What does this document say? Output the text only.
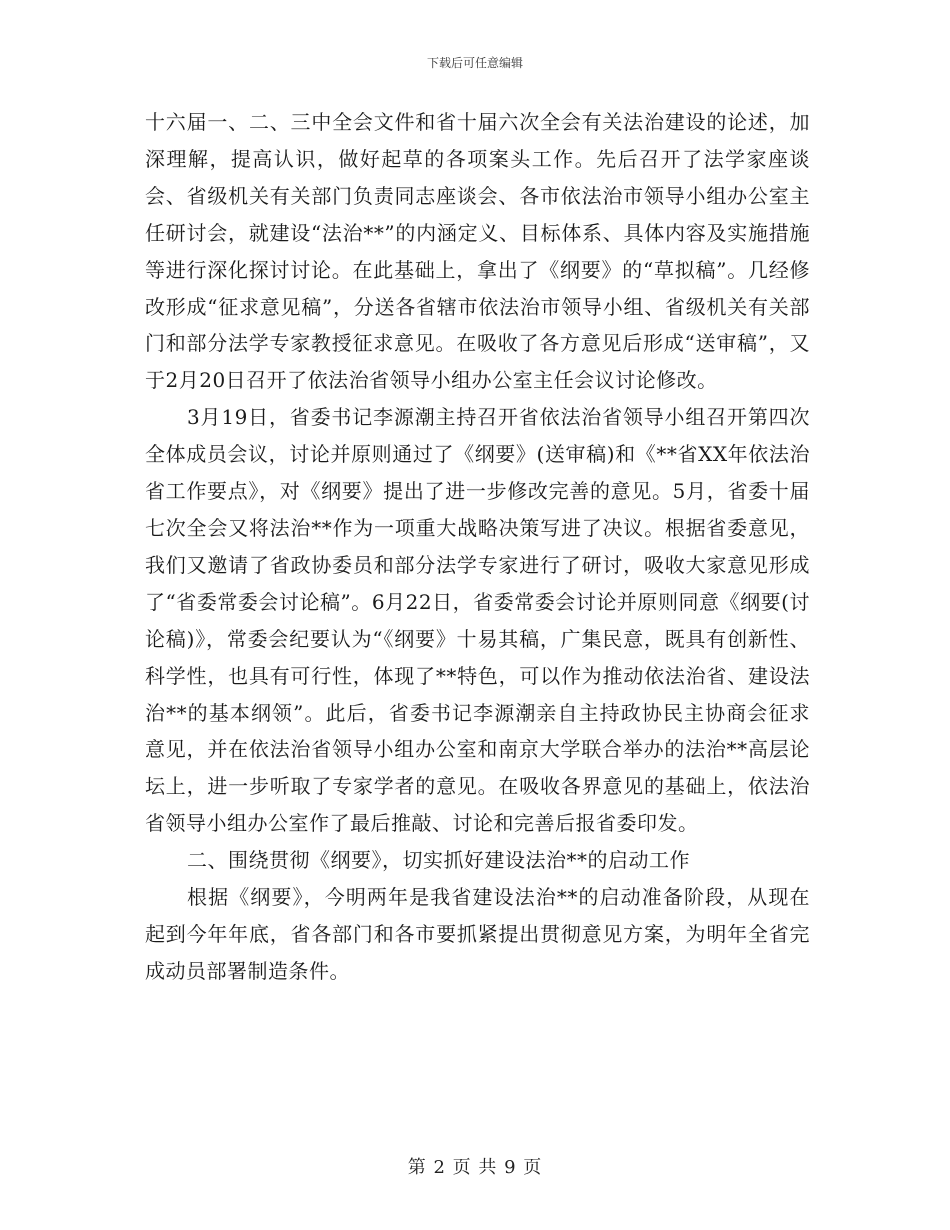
下载后可任意编辑

十六届一、二、三中全会文件和省十届六次全会有关法治建设的论述，加深理解，提高认识，做好起草的各项案头工作。先后召开了法学家座谈会、省级机关有关部门负责同志座谈会、各市依法治市领导小组办公室主任研讨会，就建设“法治**”的内涵定义、目标体系、具体内容及实施措施等进行深化探讨讨论。在此基础上，拿出了《纲要》的“草拟稿”。几经修改形成“征求意见稿”，分送各省辖市依法治市领导小组、省级机关有关部门和部分法学专家教授征求意见。在吸收了各方意见后形成“送审稿”，又于2月20日召开了依法治省领导小组办公室主任会议讨论修改。

3月19日，省委书记李源潮主持召开省依法治省领导小组召开第四次全体成员会议，讨论并原则通过了《纲要》(送审稿)和《**省XX年依法治省工作要点》，对《纲要》提出了进一步修改完善的意见。5月，省委十届七次全会又将法治**作为一项重大战略决策写进了决议。根据省委意见，我们又邀请了省政协委员和部分法学专家进行了研讨，吸收大家意见形成了“省委常委会讨论稿”。6月22日，省委常委会讨论并原则同意《纲要(讨论稿)》，常委会纪要认为“《纲要》十易其稿，广集民意，既具有创新性、科学性，也具有可行性，体现了**特色，可以作为推动依法治省、建设法治**的基本纲领”。此后，省委书记李源潮亲自主持政协民主协商会征求意见，并在依法治省领导小组办公室和南京大学联合举办的法治**高层论坛上，进一步听取了专家学者的意见。在吸收各界意见的基础上，依法治省领导小组办公室作了最后推敲、讨论和完善后报省委印发。

二、围绕贯彻《纲要》，切实抓好建设法治**的启动工作

根据《纲要》，今明两年是我省建设法治**的启动准备阶段，从现在起到今年年底，省各部门和各市要抓紧提出贯彻意见方案，为明年全省完成动员部署制造条件。

第 2 页 共 9 页
